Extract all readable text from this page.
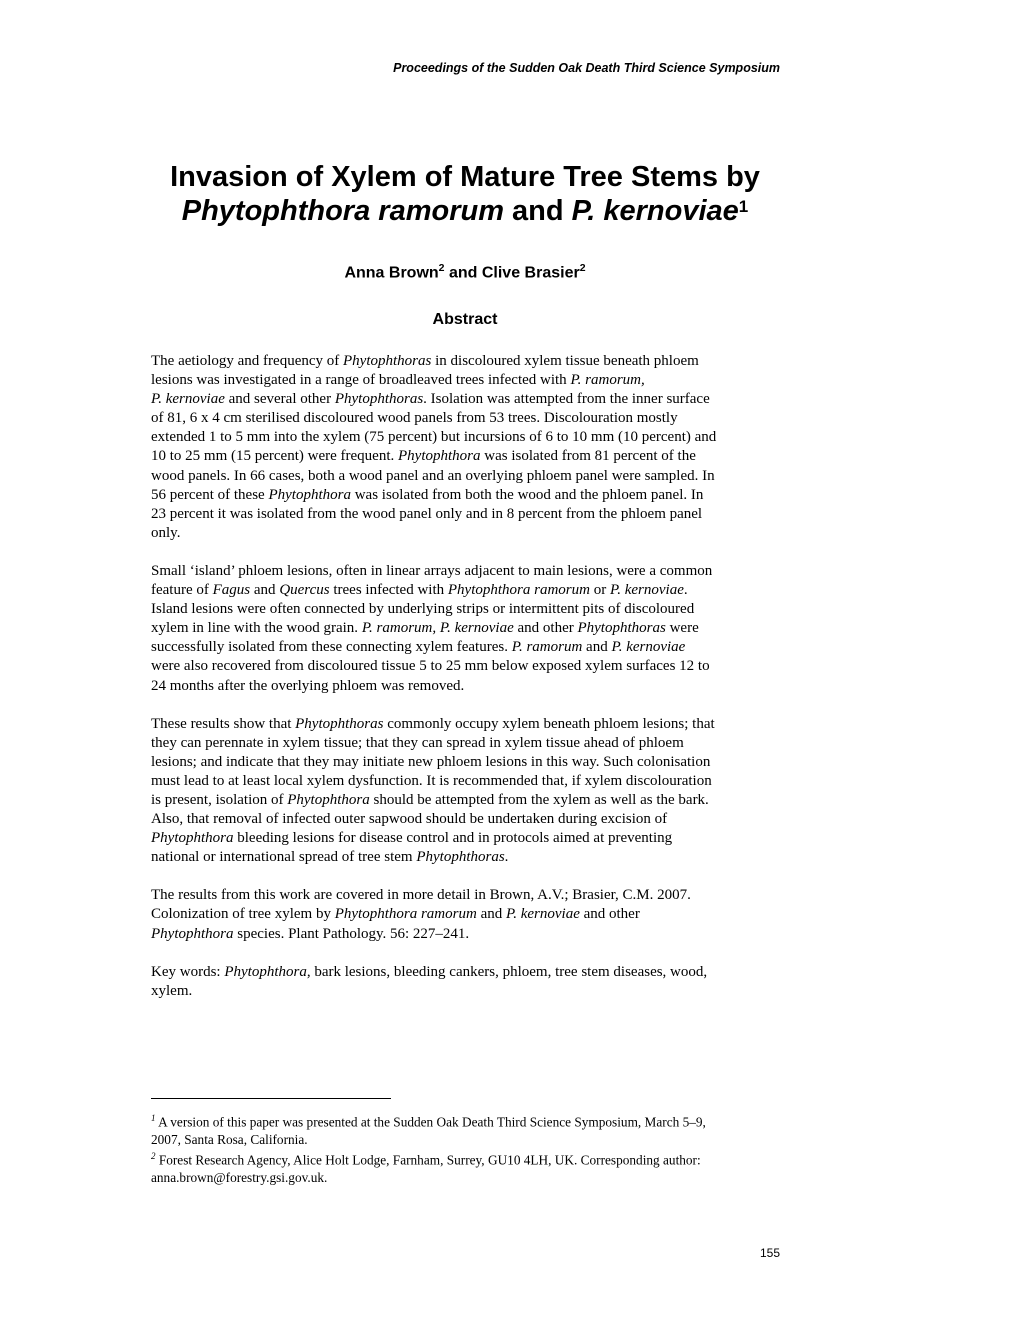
Proceedings of the Sudden Oak Death Third Science Symposium
Invasion of Xylem of Mature Tree Stems by
Phytophthora ramorum and P. kernoviae$^1$
Anna Brown$^2$ and Clive Brasier$^2$
Abstract

The aetiology and frequency of Phytophthoras in discoloured xylem tissue beneath phloem
lesions was investigated in a range of broadleaved trees infected with P. ramorum,
P. kernoviae and several other Phytophthoras. Isolation was attempted from the inner surface
of 81, 6 x 4 cm sterilised discoloured wood panels from 53 trees. Discolouration mostly
extended 1 to 5 mm into the xylem (75 percent) but incursions of 6 to 10 mm (10 percent) and
10 to 25 mm (15 percent) were frequent. Phytophthora was isolated from 81 percent of the
wood panels. In 66 cases, both a wood panel and an overlying phloem panel were sampled. In
56 percent of these Phytophthora was isolated from both the wood and the phloem panel. In
23 percent it was isolated from the wood panel only and in 8 percent from the phloem panel
only.

Small ‘island’ phloem lesions, often in linear arrays adjacent to main lesions, were a common
feature of Fagus and Quercus trees infected with Phytophthora ramorum or P. kernoviae.
Island lesions were often connected by underlying strips or intermittent pits of discoloured
xylem in line with the wood grain. P. ramorum, P. kernoviae and other Phytophthoras were
successfully isolated from these connecting xylem features. P. ramorum and P. kernoviae
were also recovered from discoloured tissue 5 to 25 mm below exposed xylem surfaces 12 to
24 months after the overlying phloem was removed.

These results show that Phytophthoras commonly occupy xylem beneath phloem lesions; that
they can perennate in xylem tissue; that they can spread in xylem tissue ahead of phloem
lesions; and indicate that they may initiate new phloem lesions in this way. Such colonisation
must lead to at least local xylem dysfunction. It is recommended that, if xylem discolouration
is present, isolation of Phytophthora should be attempted from the xylem as well as the bark.
Also, that removal of infected outer sapwood should be undertaken during excision of
Phytophthora bleeding lesions for disease control and in protocols aimed at preventing
national or international spread of tree stem Phytophthoras.

The results from this work are covered in more detail in Brown, A.V.; Brasier, C.M. 2007.
Colonization of tree xylem by Phytophthora ramorum and P. kernoviae and other
Phytophthora species. Plant Pathology. 56: 227–241.

Key words: Phytophthora, bark lesions, bleeding cankers, phloem, tree stem diseases, wood,
xylem.

$^1$ A version of this paper was presented at the Sudden Oak Death Third Science Symposium, March 5–9,
2007, Santa Rosa, California.
$^2$ Forest Research Agency, Alice Holt Lodge, Farnham, Surrey, GU10 4LH, UK. Corresponding author:
anna.brown@forestry.gsi.gov.uk.
155
